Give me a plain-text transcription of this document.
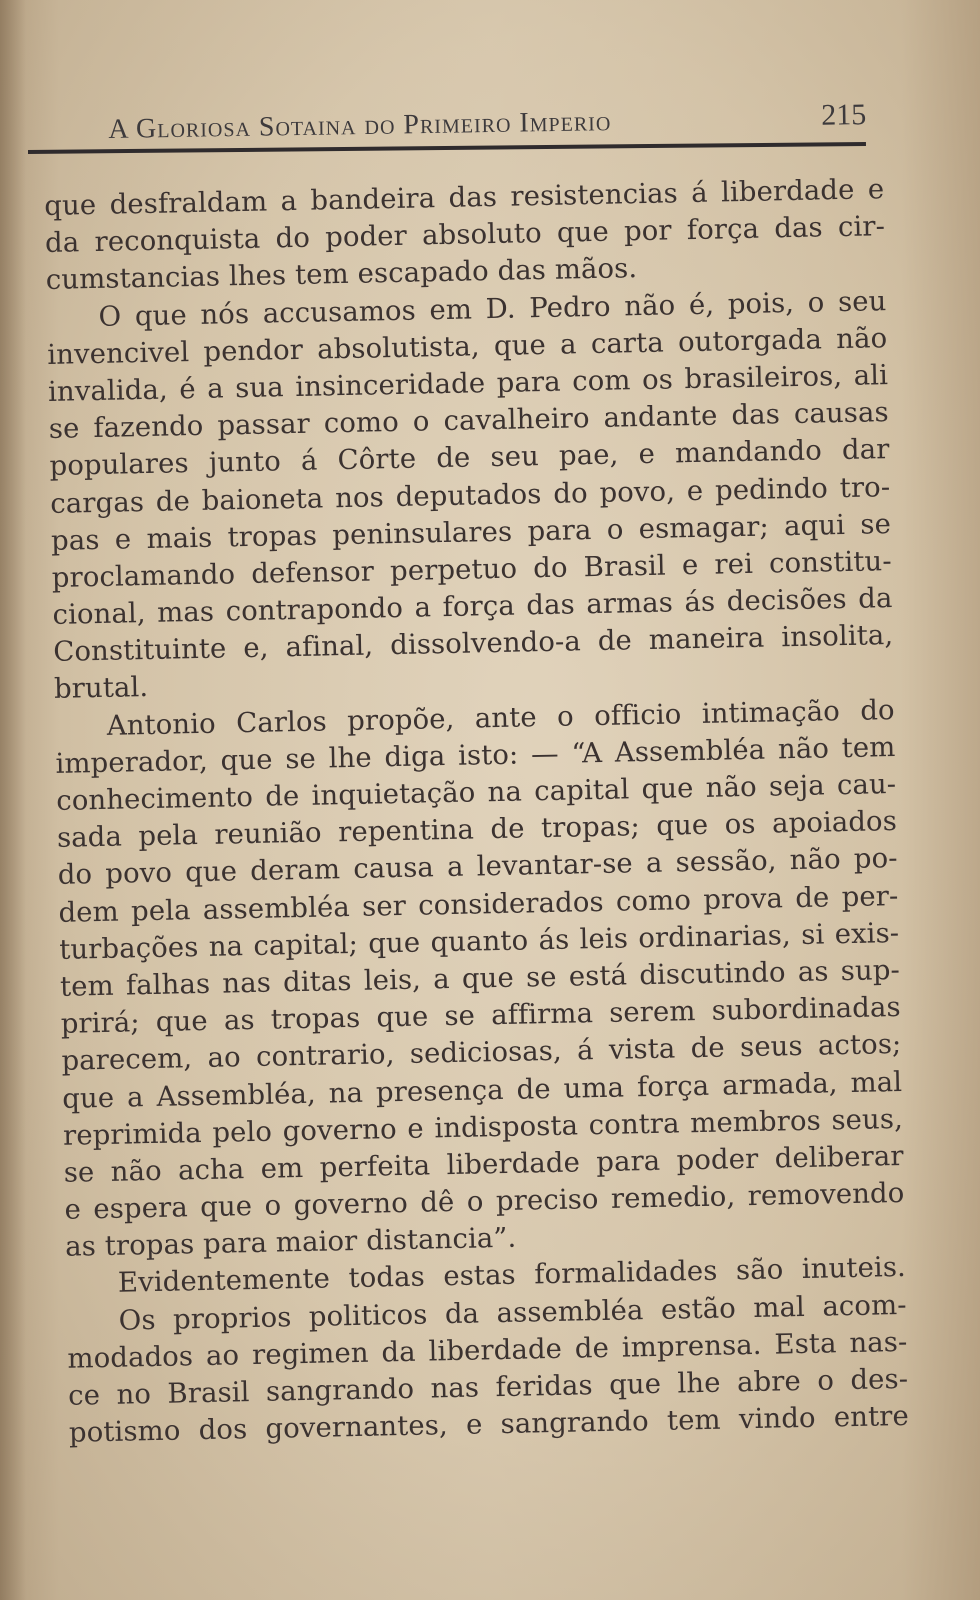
A Gloriosa Sotaina do Primeiro Imperio	215
que desfraldam a bandeira das resistencias á liberdade e
da reconquista do poder absoluto que por força das cir-
cumstancias lhes tem escapado das mãos.
O que nós accusamos em D. Pedro não é, pois, o seu
invencivel pendor absolutista, que a carta outorgada não
invalida, é a sua insinceridade para com os brasileiros, ali
se fazendo passar como o cavalheiro andante das causas
populares junto á Côrte de seu pae, e mandando dar
cargas de baioneta nos deputados do povo, e pedindo tro-
pas e mais tropas peninsulares para o esmagar; aqui se
proclamando defensor perpetuo do Brasil e rei constitu-
cional, mas contrapondo a força das armas ás decisões da
Constituinte e, afinal, dissolvendo-a de maneira insolita,
brutal.
Antonio Carlos propõe, ante o officio intimação do
imperador, que se lhe diga isto: — “A Assembléa não tem
conhecimento de inquietação na capital que não seja cau-
sada pela reunião repentina de tropas; que os apoiados
do povo que deram causa a levantar-se a sessão, não po-
dem pela assembléa ser considerados como prova de per-
turbações na capital; que quanto ás leis ordinarias, si exis-
tem falhas nas ditas leis, a que se está discutindo as sup-
prirá; que as tropas que se affirma serem subordinadas
parecem, ao contrario, sediciosas, á vista de seus actos;
que a Assembléa, na presença de uma força armada, mal
reprimida pelo governo e indisposta contra membros seus,
se não acha em perfeita liberdade para poder deliberar
e espera que o governo dê o preciso remedio, removendo
as tropas para maior distancia”.
Evidentemente todas estas formalidades são inuteis.
Os proprios politicos da assembléa estão mal acom-
modados ao regimen da liberdade de imprensa. Esta nas-
ce no Brasil sangrando nas feridas que lhe abre o des-
potismo dos governantes, e sangrando tem vindo entre
